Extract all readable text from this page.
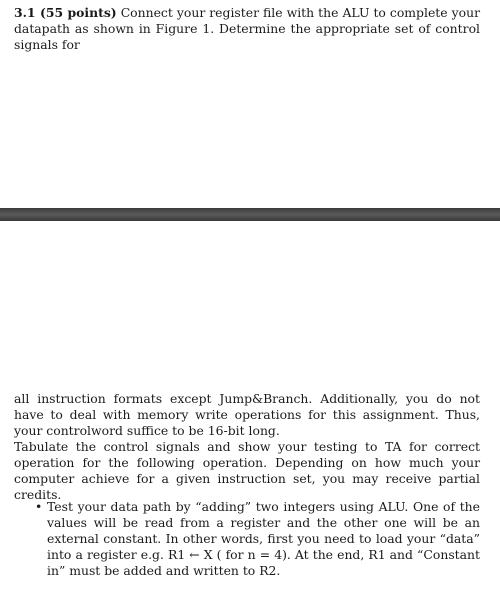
3.1 (55 points) Connect your register file with the ALU to complete your datapath as shown in Figure 1. Determine the appropriate set of control signals for

all instruction formats except Jump&Branch. Additionally, you do not have to deal with memory write operations for this assignment. Thus, your controlword suffice to be 16-bit long.

Tabulate the control signals and show your testing to TA for correct operation for the following operation. Depending on how much your computer achieve for a given instruction set, you may receive partial credits.

• Test your data path by “adding” two integers using ALU. One of the values will be read from a register and the other one will be an external constant. In other words, first you need to load your “data” into a register e.g. R1 ← X ( for n = 4). At the end, R1 and “Constant in” must be added and written to R2.
